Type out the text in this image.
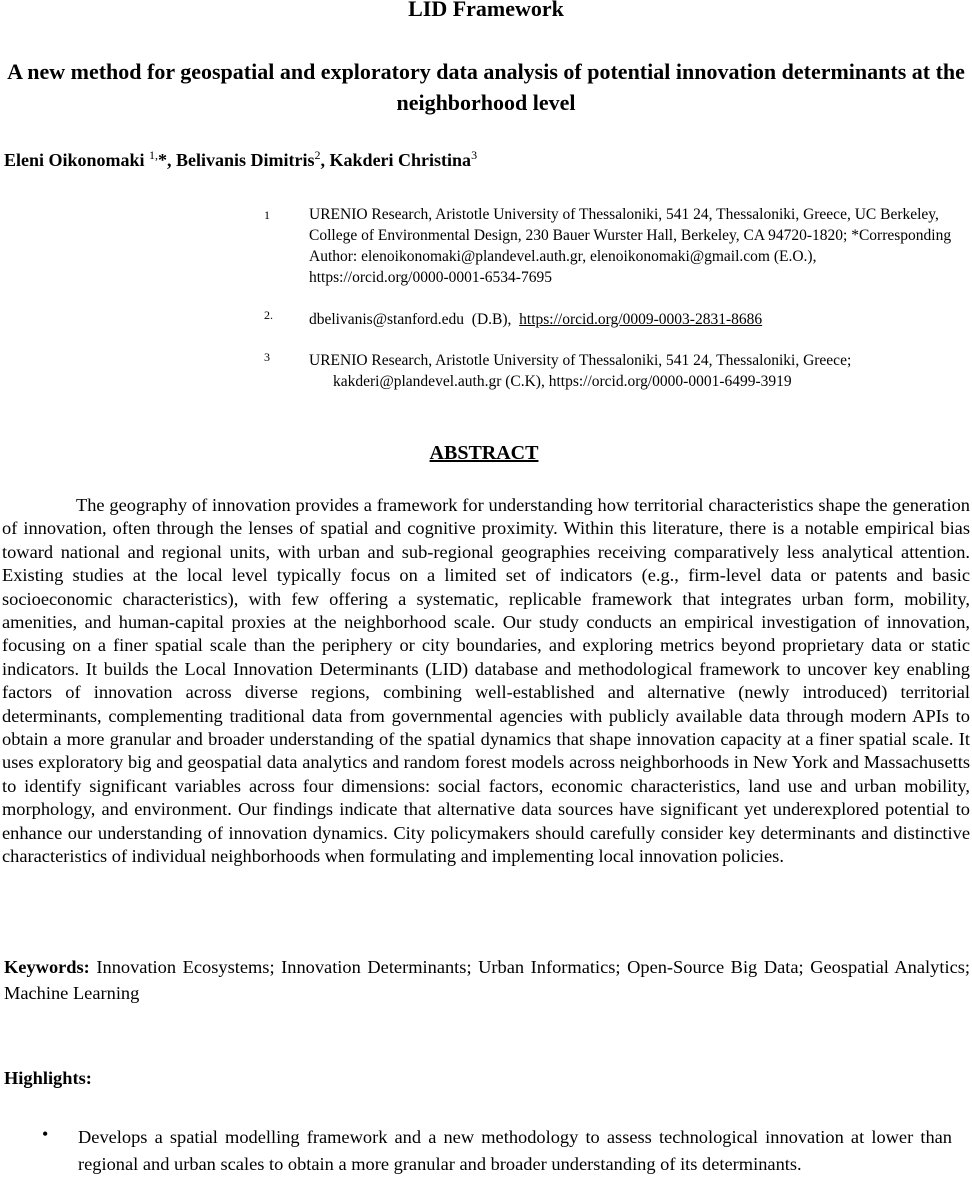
LID Framework
A new method for geospatial and exploratory data analysis of potential innovation determinants at the neighborhood level
Eleni Oikonomaki $^{1,}$*, Belivanis Dimitris$^2$, Kakderi Christina$^3$
1	URENIO Research, Aristotle University of Thessaloniki, 541 24, Thessaloniki, Greece, UC Berkeley, College of Environmental Design, 230 Bauer Wurster Hall, Berkeley, CA 94720-1820; *Corresponding Author: elenoikonomaki@plandevel.auth.gr, elenoikonomaki@gmail.com (E.O.), https://orcid.org/0000-0001-6534-7695
2. dbelivanis@stanford.edu (D.B), https://orcid.org/0009-0003-2831-8686
3	URENIO Research, Aristotle University of Thessaloniki, 541 24, Thessaloniki, Greece;
kakderi@plandevel.auth.gr (C.K), https://orcid.org/0000-0001-6499-3919
ABSTRACT
The geography of innovation provides a framework for understanding how territorial characteristics shape the generation of innovation, often through the lenses of spatial and cognitive proximity. Within this literature, there is a notable empirical bias toward national and regional units, with urban and sub-regional geographies receiving comparatively less analytical attention. Existing studies at the local level typically focus on a limited set of indicators (e.g., firm-level data or patents and basic socioeconomic characteristics), with few offering a systematic, replicable framework that integrates urban form, mobility, amenities, and human-capital proxies at the neighborhood scale. Our study conducts an empirical investigation of innovation, focusing on a finer spatial scale than the periphery or city boundaries, and exploring metrics beyond proprietary data or static indicators. It builds the Local Innovation Determinants (LID) database and methodological framework to uncover key enabling factors of innovation across diverse regions, combining well-established and alternative (newly introduced) territorial determinants, complementing traditional data from governmental agencies with publicly available data through modern APIs to obtain a more granular and broader understanding of the spatial dynamics that shape innovation capacity at a finer spatial scale. It uses exploratory big and geospatial data analytics and random forest models across neighborhoods in New York and Massachusetts to identify significant variables across four dimensions: social factors, economic characteristics, land use and urban mobility, morphology, and environment. Our findings indicate that alternative data sources have significant yet underexplored potential to enhance our understanding of innovation dynamics. City policymakers should carefully consider key determinants and distinctive characteristics of individual neighborhoods when formulating and implementing local innovation policies.
Keywords: Innovation Ecosystems; Innovation Determinants; Urban Informatics; Open-Source Big Data; Geospatial Analytics; Machine Learning
Highlights:
• Develops a spatial modelling framework and a new methodology to assess technological innovation at lower than regional and urban scales to obtain a more granular and broader understanding of its determinants.
